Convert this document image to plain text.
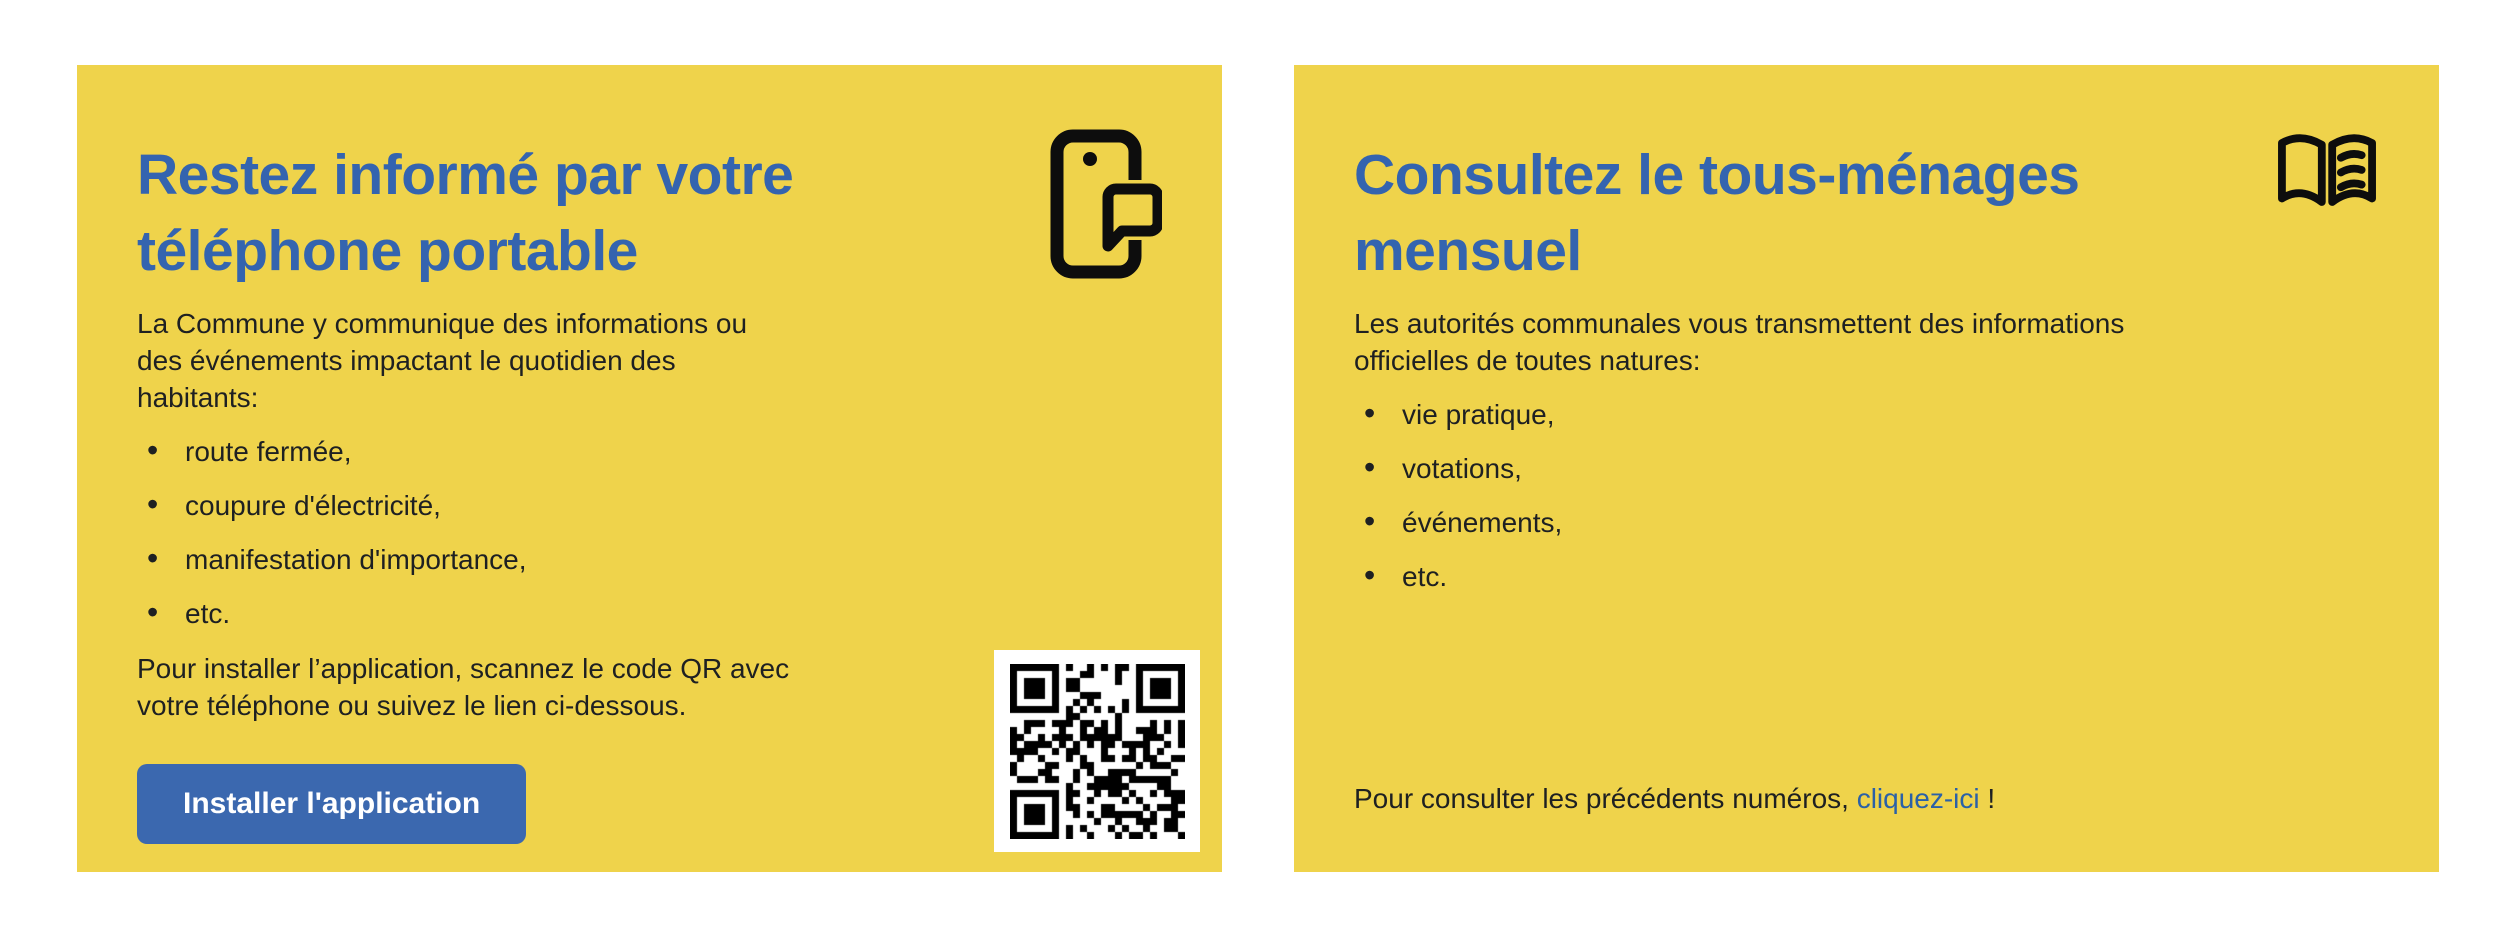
Restez informé par votre
téléphone portable

La Commune y communique des informations ou des événements impactant le quotidien des habitants:

• route fermée,
• coupure d'électricité,
• manifestation d'importance,
• etc.

Pour installer l’application, scannez le code QR avec votre téléphone ou suivez le lien ci-dessous.

Installer l'application
Consultez le tous-ménages
mensuel

Les autorités communales vous transmettent des informations officielles de toutes natures:

• vie pratique,
• votations,
• événements,
• etc.

Pour consulter les précédents numéros, cliquez-ici !
